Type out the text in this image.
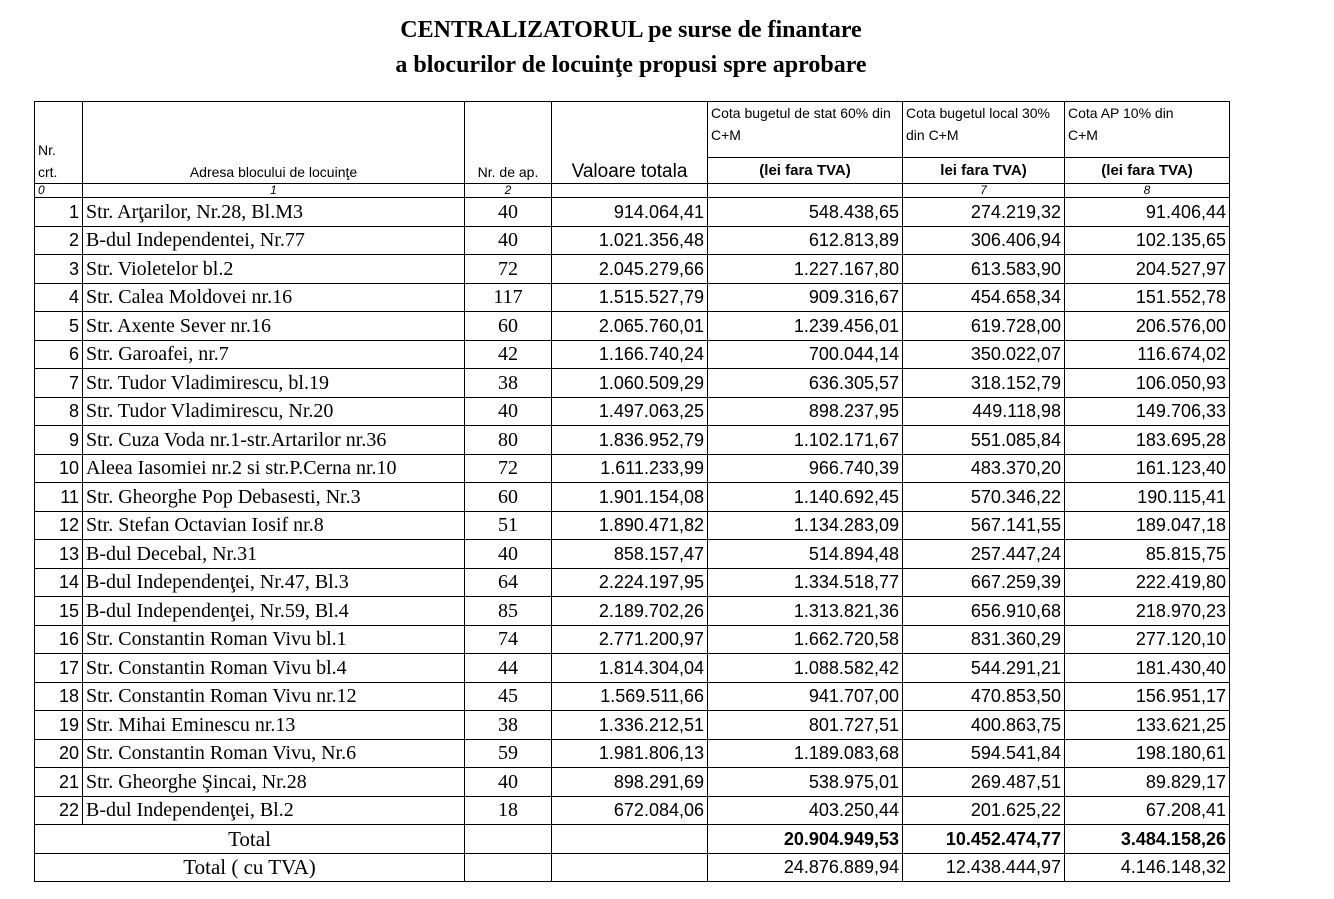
CENTRALIZATORUL pe surse de finantare
a blocurilor de locuinţe propusi spre aprobare
Nr. crt.	Adresa blocului de locuinţe	Nr. de ap.	Valoare totala	Cota bugetul de stat 60% din C+M	Cota bugetul local 30% din C+M	Cota AP 10% din C+M

				(lei fara TVA)	lei fara TVA)	(lei fara TVA)
0	1	2			7	8
1	Str. Arţarilor, Nr.28, Bl.M3	40	914.064,41	548.438,65	274.219,32	91.406,44
2	B-dul Independentei, Nr.77	40	1.021.356,48	612.813,89	306.406,94	102.135,65
3	Str. Violetelor bl.2	72	2.045.279,66	1.227.167,80	613.583,90	204.527,97
4	Str. Calea Moldovei nr.16	117	1.515.527,79	909.316,67	454.658,34	151.552,78
5	Str. Axente Sever nr.16	60	2.065.760,01	1.239.456,01	619.728,00	206.576,00
6	Str. Garoafei, nr.7	42	1.166.740,24	700.044,14	350.022,07	116.674,02
7	Str. Tudor Vladimirescu, bl.19	38	1.060.509,29	636.305,57	318.152,79	106.050,93
8	Str. Tudor Vladimirescu, Nr.20	40	1.497.063,25	898.237,95	449.118,98	149.706,33
9	Str. Cuza Voda nr.1-str.Artarilor nr.36	80	1.836.952,79	1.102.171,67	551.085,84	183.695,28
10	Aleea Iasomiei nr.2 si str.P.Cerna nr.10	72	1.611.233,99	966.740,39	483.370,20	161.123,40
11	Str. Gheorghe Pop Debasesti, Nr.3	60	1.901.154,08	1.140.692,45	570.346,22	190.115,41
12	Str. Stefan Octavian Iosif nr.8	51	1.890.471,82	1.134.283,09	567.141,55	189.047,18
13	B-dul Decebal, Nr.31	40	858.157,47	514.894,48	257.447,24	85.815,75
14	B-dul Independenţei, Nr.47, Bl.3	64	2.224.197,95	1.334.518,77	667.259,39	222.419,80
15	B-dul Independenţei, Nr.59, Bl.4	85	2.189.702,26	1.313.821,36	656.910,68	218.970,23
16	Str. Constantin Roman Vivu bl.1	74	2.771.200,97	1.662.720,58	831.360,29	277.120,10
17	Str. Constantin Roman Vivu bl.4	44	1.814.304,04	1.088.582,42	544.291,21	181.430,40
18	Str. Constantin Roman Vivu nr.12	45	1.569.511,66	941.707,00	470.853,50	156.951,17
19	Str. Mihai Eminescu nr.13	38	1.336.212,51	801.727,51	400.863,75	133.621,25
20	Str. Constantin Roman Vivu, Nr.6	59	1.981.806,13	1.189.083,68	594.541,84	198.180,61
21	Str. Gheorghe Şincai, Nr.28	40	898.291,69	538.975,01	269.487,51	89.829,17
22	B-dul Independenţei, Bl.2	18	672.084,06	403.250,44	201.625,22	67.208,41
Total				20.904.949,53	10.452.474,77	3.484.158,26
Total ( cu TVA)				24.876.889,94	12.438.444,97	4.146.148,32
